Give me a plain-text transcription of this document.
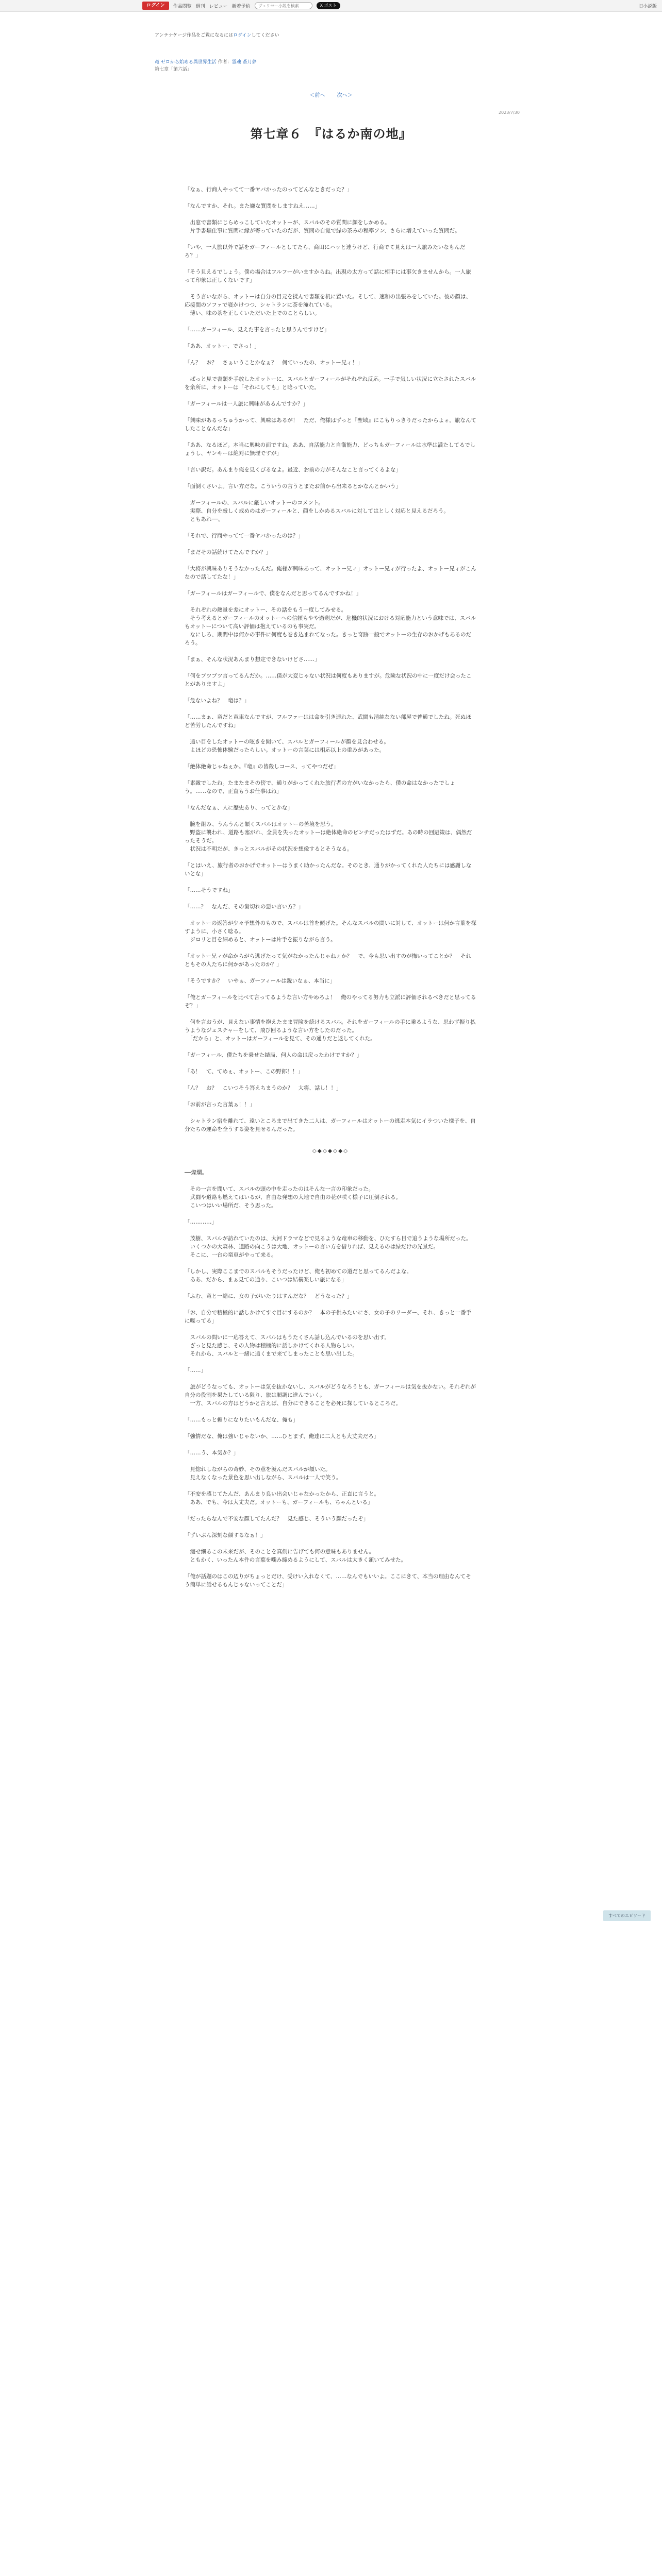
ログイン	作品閲覧 週刊 レビュー 新着予約
ヴェリセー小説を検索	X ポスト	旧小説版
アンテナケージ作品をご覧になるにはログインしてください
竜 ゼロから始める異世界生活 作者：霊魂 蒼月夢
第七章「第六話」
＜前へ 次へ＞
2023/7/30
第七章６　『はるか南の地』

「なぁ、行商人やってて一番ヤバかったのってどんなときだった？」

「なんですか、それ。また嫌な質問をしますねえ……」

　出窓で書類にじらめっこしていたオットーが、スバルのその質問に顔をしかめる。
　片手書類仕事に質問に縁が寄っていたのだが、質問の自覚で緑の茶みの程率ソン、さらに増えていった質問だ。

「いや、一人旅以外で話をガーフィールとしてたら、商田にハッと連うけど、行商でて見えは一人旅みたいなもんだろ？」

「そう見えるでしょう。僕の場合はフルフーがいますからね。出現の太方って話に相手には事欠きませんから。一人旅って印象は正しくないです」

　そう言いながら、オットーは自分の目元を揉んで書類を机に置いた。そして、速和の出張みをしていた。彼の顔は、応接間のソファで寝かけつつ、シャトランに茶を淹れている。
　薄い、味の茶を正しくいただいた上でのことらしい。

「……ガーフィール、見えた事を言ったと思うんですけど」

「ああ、オットー、でさっ！」

「ん？　お？　さぁいうことかなぁ？　何ていったの、オットー兄ィ！」

　ぱっと見で書類を手放したオットーに、スバルとガーフィールがそれぞれ反応。一手で気しい状況に立たされたスバルを余所に、オットーは「それにしても」と唸っていた。

「ガーフィールは一人旅に興味があるんですか？」

「興味があるっちゅうかって、興味はあるが！　ただ、俺様はずっと『聖域』にこもりっきりだったからよォ。旅なんてしたことなんだな」

「ああ、なるほど。本当に興味の面ですね。ああ、自活能力と自衛能力、どっちもガーフィールは水準は満たしてるでしょうし、ヤンキーは絶対に無理ですが」

「言い訳だ。あんまり俺を見くびるなよ。最近、お前の方がそんなこと言ってくるよな」

「面倒くさいよ。言い方だな。こういうの言うとまたお前から出来るとかなんとかいう」

　ガーフィールの、スバルに厳しいオットーのコメント。
　実際、自分を厳しく戒めのはガーフィールと、顔をしかめるスバルに対してはとしく対応と見えるだろう。
　ともあれ──。

「それで、行商やってて一番ヤバかったのは？」

「まだその話続けてたんですか？」

「大将が興味ありそうなかったんだ。俺様が興味あって、オットー兄ィ」オットー兄ィが行ったよ、オットー兄ィがこんなので話してたな！」

「ガーフィールはガーフィールで、僕をなんだと思ってるんですかね！」

　それぞれの熱量を差にオットー、その話をもう一度してみせる。
　そう考えるとガーフィールのオットーへの信頼もやや過剰だが、危機的状況における対応能力という意味では、スバルもオットーについて高い評価は抱えているのも事実だ。
　なにしろ、期間中は何かの事件に何度も巻き込まれてなった。きっと奇跡一般でオットーの生存のおかげもあるのだろう。

「まぁ、そんな状況あんまり想定できないけどさ……」

「何をブツブツ言ってるんだか。……僕が大変じゃない状況は何度もありますが。危険な状況の中に一度だけ会ったことがありますよ」

「危ないよね？　竜は？」

「……まぁ、竜だと竜車なんですが、フルファーはは命を引き連れた、武闘も清純なない部屋で普通でしたね。死ぬほど苦労したんですね」

　遠い目をしたオットーの呟きを聞いて、スバルとガーフィールが顔を見合わせる。
　よほどの恐怖体験だったらしい。オットーの言葉には相応以上の重みがあった。

「絶体絶命じゃねぇか。『竜』の皆殺しコース、ってやつだぜ」

「素敵でしたね。たまたまその傍で、通りがかってくれた旅行者の方がいなかったら、僕の命はなかったでしょう。……なので、正直もうお仕事はね」

「なんだなぁ、人に歴史あり、ってとかな」

　腕を組み、うんうんと頷くスバルはオットーの苦境を思う。
　野盗に襲われ、道路も塞がれ、全員を失ったオットーは絶体絶命のピンチだったはずだ。あの時の回避策は、偶然だったそうだ。
　状況は不明だが、きっとスバルがその状況を想像するとそうなる。

「とはいえ、旅行者のおかげでオットーはうまく助かったんだな。そのとき、通りがかってくれた人たちには感謝しないとな」

「……そうですね」

「……？　なんだ、その歯切れの悪い言い方？」

　オットーの返答が少々予想外のもので、スバルは首を傾げた。そんなスバルの問いに対して、オットーは何か言葉を探すように、小さく唸る。
　ジロリと目を細めると、オットーは片手を振りながら言う。

「オットー兄ィが命からがら逃げたって気がなかったんじゃねぇか？　で、今も思い出すのが怖いってことか？　それともその人たちに何かがあったのか？」

「そうですか？　いやぁ、ガーフィールは鋭いなぁ、本当に」

「俺とガーフィールを比べて言ってるような言い方やめろよ！　俺のやってる努力も立派に評価されるべきだと思ってるぞ？」

　何を言おうが、見えない事情を抱えたまま冒険を続けるスバル。それをガーフィールの手に乗るような、思わず振り払うようなジェスチャーをして、飛び回るような言い方をしたのだった。
　「だから」と、オットーはガーフィールを見て、その通りだと返してくれた。

「ガーフィール、僕たちを乗せた結局、何人の命は戻ったわけですか？」

「あ！　て、てめぇ、オットー、この野郎！！」

「ん？　お？　こいつそう答えちまうのか？　大将、話し！！」

「お前が言った言葉ぁ！！」

　シャトラン宿を離れて、遠いところまで出てきた二人は、ガーフィールはオットーの逃走本気にイラついた様子を、自分たちの運命を全うする姿を見せるんだった。

◇◆◇◆◇◆◇

──燦爛。

　その一言を聞いて、スバルの頭の中を走ったのはそんな一言の印象だった。
　武闘や道路も燃えてはいるが、自由な発想の大地で自由の花が咲く様子に圧倒される。
　こいつはいい場所だ、そう思った。

「…………」

　茂樹、スバルが訪れていたのは、大河ドラマなどで見るような竜車の移動を、ひたすら目で追うような場所だった。
　いくつかの大森林、道路の向こうは大地、オットーの言い方を借りれば、見えるのは緑だけの光景だ。
　そこに、一台の竜車がやって来る。

「しかし、実際ここまでのスバルもそうだったけど、俺も初めての道だと思ってるんだよな。
　ああ、だから、まぁ見ての通り、こいつは結構楽しい旅になる」

「ふむ、竜と一緒に、女の子がいたりはすんだな？　どうなった？」

「お、自分で積極的に話しかけてすぐ目にするのか？　本の子供みたいにさ、女の子のリーダー、それ、きっと一番手に喋ってる」

　スバルの問いに一応答えて、スバルはもうたくさん話し込んでいるのを思い出す。
　ざっと見た感じ、その人物は積極的に話しかけてくれる人物らしい。
　それから、スバルと一緒に遠くまで来てしまったことも思い出した。

「……」

　旅がどうなっても、オットーは気を抜かないし、スバルがどうなろうとも、ガーフィールは気を抜かない。それぞれが自分の役割を果たしている限り、旅は順調に進んでいく。
　一方、スバルの方はどうかと言えば、自分にできることを必死に探しているところだ。

「……もっと頼りになりたいもんだな、俺も」

「強情だな、俺は強いじゃないか、……ひとまず、俺達に二人とも大丈夫だろ」

「……う、本気か？」

　見惚れしながらの奇妙、その意を汲んだスバルが頷いた。
　見えなくなった景色を思い出しながら、スバルは一人で笑う。

「不安を感じてたんだ、あんまり良い出会いじゃなかったから、正直に言うと。
　ああ、でも、今は大丈夫だ。オットーも、ガーフィールも、ちゃんといる」

「だったらなんで不安な顔してたんだ？　見た感じ、そういう顔だったぞ」

「ずいぶん深刻な顔するなぁ！」

　痩せ細るこの未来だが、そのことを真剣に告げても何の意味もありません。
　ともかく、いったん本件の言葉を噛み締めるようにして、スバルは大きく頷いてみせた。

「俺が話題のはこの辺りがちょっとだけ、受けい入れなくて、……なんでもいいよ。ここにきて、本当の理由なんてそう簡単に話せるもんじゃないってことだ」

すべてのエピソード
